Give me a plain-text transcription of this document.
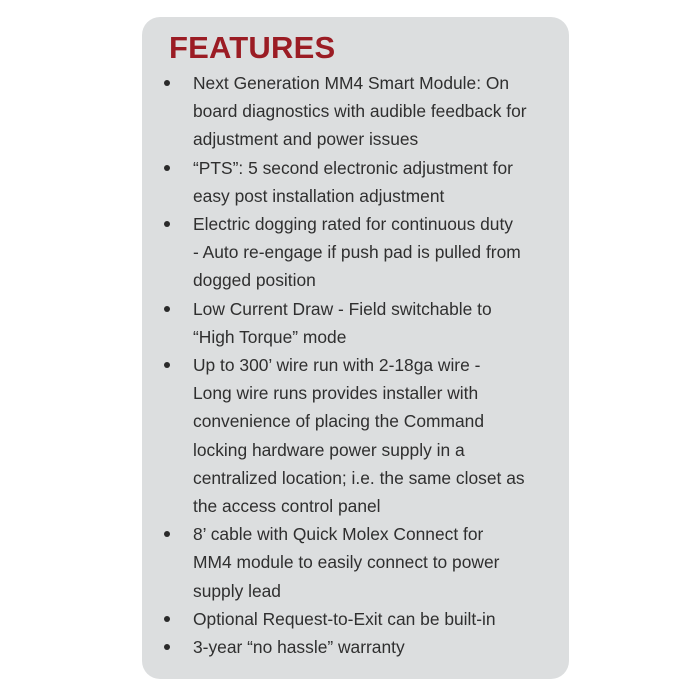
FEATURES
Next Generation MM4 Smart Module: On
board diagnostics with audible feedback for
adjustment and power issues
“PTS”: 5 second electronic adjustment for
easy post installation adjustment
Electric dogging rated for continuous duty
- Auto re-engage if push pad is pulled from
dogged position
Low Current Draw - Field switchable to
“High Torque” mode
Up to 300’ wire run with 2-18ga wire -
Long wire runs provides installer with
convenience of placing the Command
locking hardware power supply in a
centralized location; i.e. the same closet as
the access control panel
8’ cable with Quick Molex Connect for
MM4 module to easily connect to power
supply lead
Optional Request-to-Exit can be built-in
3-year “no hassle” warranty
